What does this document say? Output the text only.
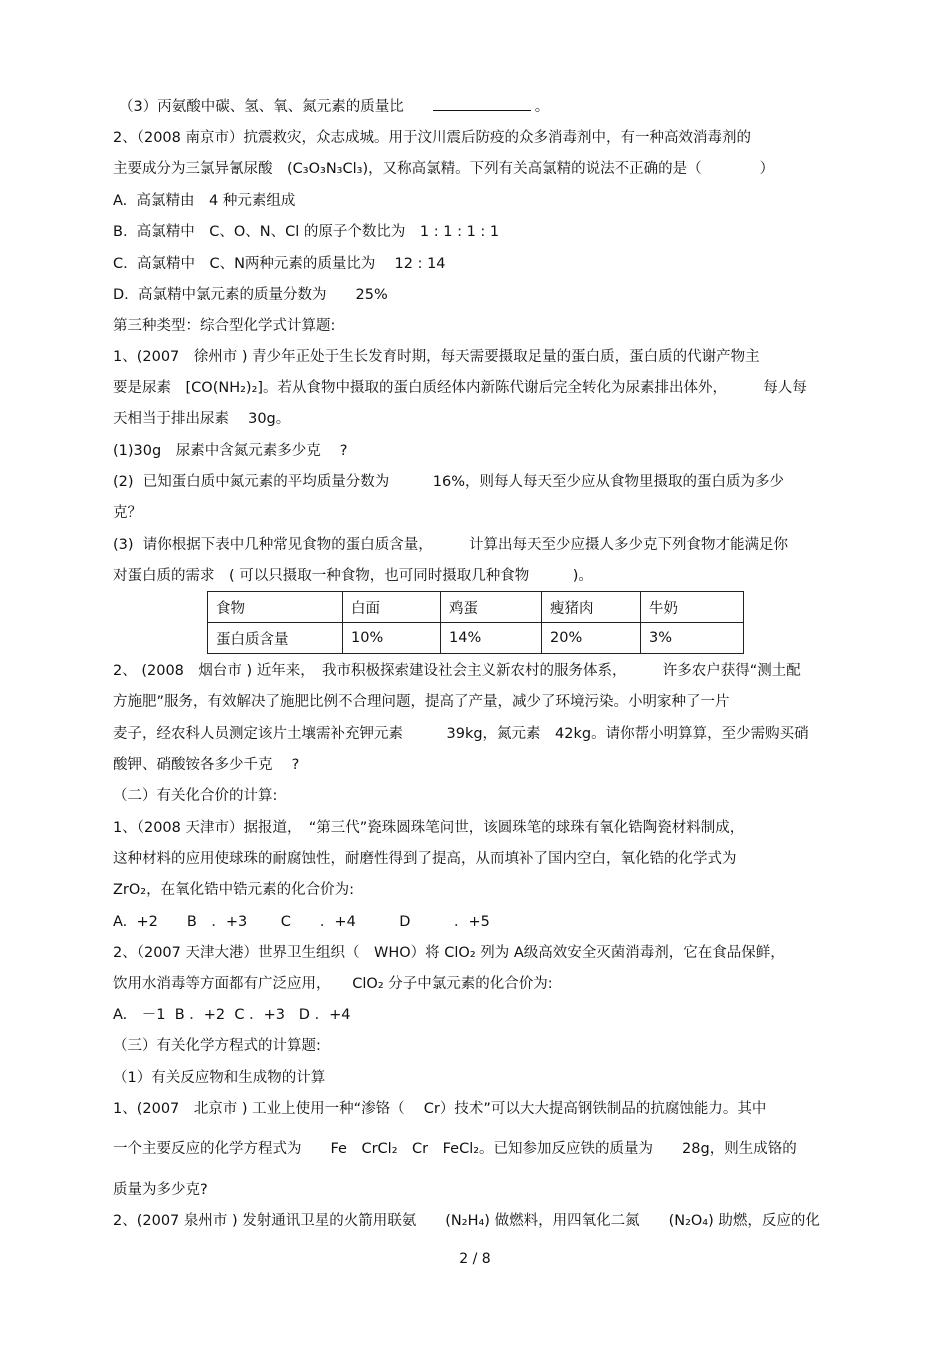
（3）丙氨酸中碳、氢、氧、氮元素的质量比　　	。
2、（2008 南京市）抗震救灾，众志成城。用于汶川震后防疫的众多消毒剂中，有一种高效消毒剂的
主要成分为三氯异氰尿酸　(C₃O₃N₃Cl₃)，又称高氯精。下列有关高氯精的说法不正确的是（　　　　）
A.  高氯精由　4 种元素组成
B.  高氯精中　C、O、N、Cl 的原子个数比为　1 : 1 : 1 : 1
C.  高氯精中　C、N两种元素的质量比为　 12 : 14
D.  高氯精中氯元素的质量分数为　　25%
第三种类型：综合型化学式计算题:
1、(2007　徐州市 ) 青少年正处于生长发育时期，每天需要摄取足量的蛋白质，蛋白质的代谢产物主
要是尿素　[CO(NH₂)₂]。若从食物中摄取的蛋白质经体内新陈代谢后完全转化为尿素排出体外，　　　每人每
天相当于排出尿素　 30g。
(1)30g　尿素中含氮元素多少克　 ?
(2)  已知蛋白质中氮元素的平均质量分数为　　　16%，则每人每天至少应从食物里摄取的蛋白质为多少
克？
(3)  请你根据下表中几种常见食物的蛋白质含量，　　　计算出每天至少应摄人多少克下列食物才能满足你
对蛋白质的需求　( 可以只摄取一种食物，也可同时摄取几种食物　　　)。
食物	白面	鸡蛋	瘦猪肉	牛奶
蛋白质含量	10%	14%	20%	3%
2、 (2008　烟台市 ) 近年来，　我市积极探索建设社会主义新农村的服务体系，　　　许多农户获得“测土配
方施肥”服务，有效解决了施肥比例不合理问题，提高了产量，减少了环境污染。小明家种了一片
麦子，经农科人员测定该片土壤需补充钾元素　　　39kg，氮元素　42kg。请你帮小明算算，至少需购买硝
酸钾、硝酸铵各多少千克　 ?
（二）有关化合价的计算:
1、（2008 天津市）据报道，　“第三代”瓷珠圆珠笔问世，该圆珠笔的球珠有氧化锆陶瓷材料制成，
这种材料的应用使球珠的耐腐蚀性，耐磨性得到了提高，从而填补了国内空白，氧化锆的化学式为
ZrO₂，在氧化锆中锆元素的化合价为:
A.  +2　　B　．+3　　 C　　．+4　　　D　　　．+5
2、（2007 天津大港）世界卫生组织（　WHO）将 ClO₂ 列为 A级高效安全灭菌消毒剂，它在食品保鲜，
饮用水消毒等方面都有广泛应用，　　ClO₂ 分子中氯元素的化合价为:
A.　－1  B ．+2  C ．+3   D ．+4
（三）有关化学方程式的计算题:
（1）有关反应物和生成物的计算
1、(2007　北京市 ) 工业上使用一种“渗铬（　 Cr）技术”可以大大提高钢铁制品的抗腐蚀能力。其中
一个主要反应的化学方程式为　　Fe　CrCl₂　Cr　FeCl₂。已知参加反应铁的质量为　　28g，则生成铬的
质量为多少克?
2、(2007 泉州市 ) 发射通讯卫星的火箭用联氨　　(N₂H₄) 做燃料，用四氧化二氮　　(N₂O₄) 助燃，反应的化
2 / 8
